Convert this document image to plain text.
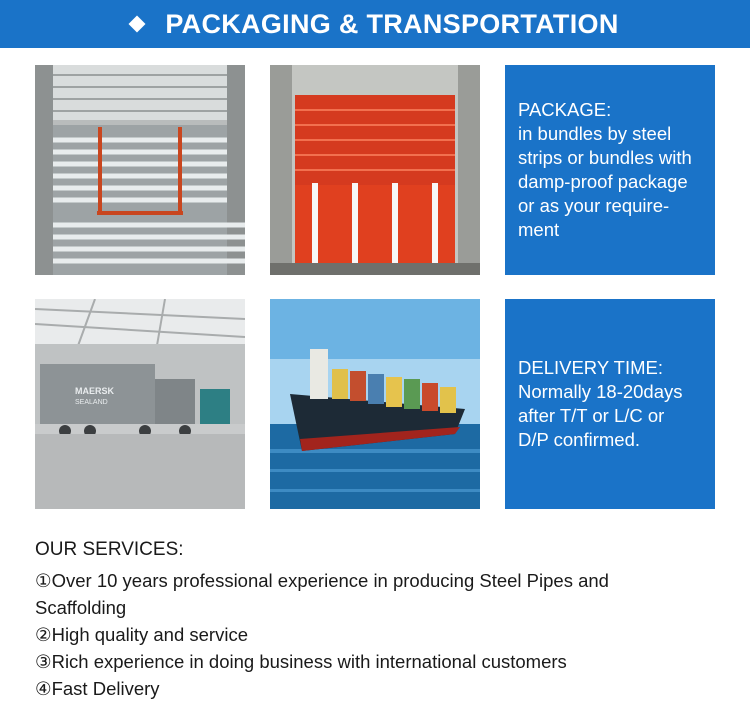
PACKAGING & TRANSPORTATION

PACKAGE:
in bundles by steel
strips or bundles with
damp-proof package
or as your require-
ment

MAERSK
SEALAND

DELIVERY TIME:
Normally 18-20days
after T/T or L/C or
D/P confirmed.

OUR SERVICES:
①Over 10 years professional experience in producing Steel Pipes and Scaffolding
②High quality and service
③Rich experience in doing business with international customers
④Fast Delivery
